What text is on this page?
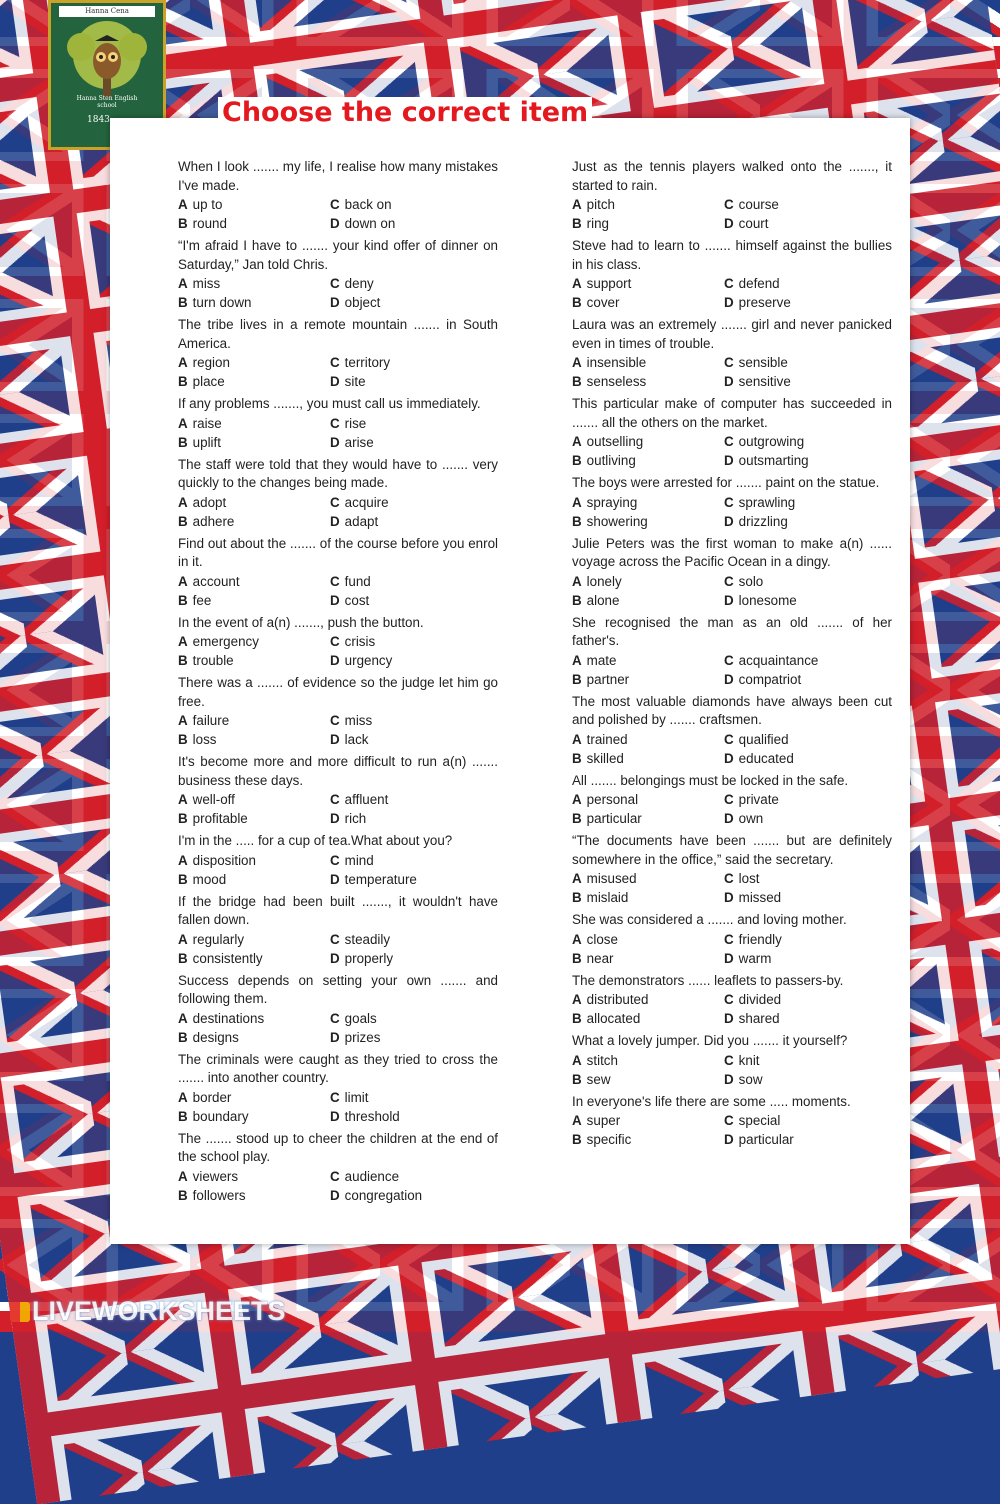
Hanna Cena
Hanna Sten English school
1843	Choose the correct item
When I look ....... my life, I realise how many mistakes I've made.
A up to	C back on
B round	D down on
“I'm afraid I have to ....... your kind offer of dinner on Saturday,” Jan told Chris.
A miss	C deny
B turn down	D object
The tribe lives in a remote mountain ....... in South America.
A region	C territory
B place	D site
If any problems ......., you must call us immediately.
A raise	C rise
B uplift	D arise
The staff were told that they would have to ....... very quickly to the changes being made.
A adopt	C acquire
B adhere	D adapt
Find out about the ....... of the course before you enrol in it.
A account	C fund
B fee	D cost
In the event of a(n) ......., push the button.
A emergency	C crisis
B trouble	D urgency
There was a ....... of evidence so the judge let him go free.
A failure	C miss
B loss	D lack
It's become more and more difficult to run a(n) ....... business these days.
A well-off	C affluent
B profitable	D rich
I'm in the ..... for a cup of tea.What about you?
A disposition	C mind
B mood	D temperature
If the bridge had been built ......., it wouldn't have fallen down.
A regularly	C steadily
B consistently	D properly
Success depends on setting your own ....... and following them.
A destinations	C goals
B designs	D prizes
The criminals were caught as they tried to cross the ....... into another country.
A border	C limit
B boundary	D threshold
The ....... stood up to cheer the children at the end of the school play.
A viewers	C audience
B followers	D congregation
Just as the tennis players walked onto the ......., it started to rain.
A pitch	C course
B ring	D court
Steve had to learn to ....... himself against the bullies in his class.
A support	C defend
B cover	D preserve
Laura was an extremely ....... girl and never panicked even in times of trouble.
A insensible	C sensible
B senseless	D sensitive
This particular make of computer has succeeded in ....... all the others on the market.
A outselling	C outgrowing
B outliving	D outsmarting
The boys were arrested for ....... paint on the statue.
A spraying	C sprawling
B showering	D drizzling
Julie Peters was the first woman to make a(n) ...... voyage across the Pacific Ocean in a dingy.
A lonely	C solo
B alone	D lonesome
She recognised the man as an old ....... of her father's.
A mate	C acquaintance
B partner	D compatriot
The most valuable diamonds have always been cut and polished by ....... craftsmen.
A trained	C qualified
B skilled	D educated
All ....... belongings must be locked in the safe.
A personal	C private
B particular	D own
“The documents have been ....... but are definitely somewhere in the office,” said the secretary.
A misused	C lost
B mislaid	D missed
She was considered a ....... and loving mother.
A close	C friendly
B near	D warm
The demonstrators ...... leaflets to passers-by.
A distributed	C divided
B allocated	D shared
What a lovely jumper. Did you ....... it yourself?
A stitch	C knit
B sew	D sow
In everyone's life there are some ..... moments.
A super	C special
B specific	D particular
LIVEWORKSHEETS
